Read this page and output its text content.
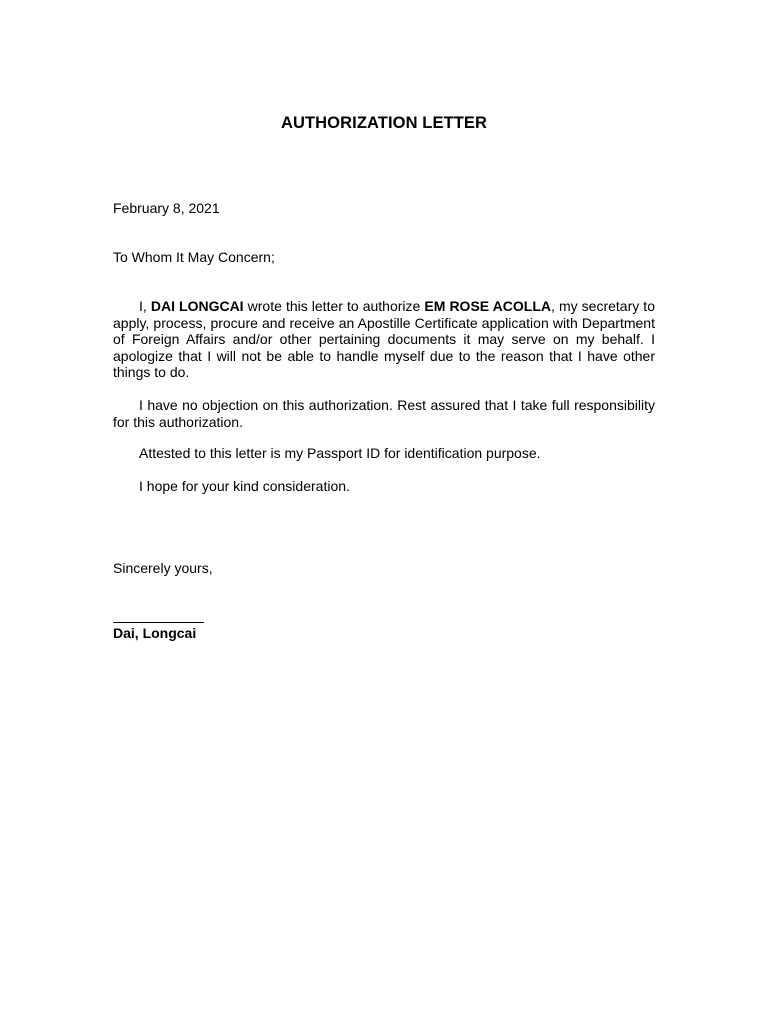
AUTHORIZATION LETTER
February 8, 2021
To Whom It May Concern;
I, DAI LONGCAI wrote this letter to authorize EM ROSE ACOLLA, my secretary to apply, process, procure and receive an Apostille Certificate application with Department of Foreign Affairs and/or other pertaining documents it may serve on my behalf. I apologize that I will not be able to handle myself due to the reason that I have other things to do.
I have no objection on this authorization. Rest assured that I take full responsibility for this authorization.
Attested to this letter is my Passport ID for identification purpose.
I hope for your kind consideration.
Sincerely yours,
Dai, Longcai
